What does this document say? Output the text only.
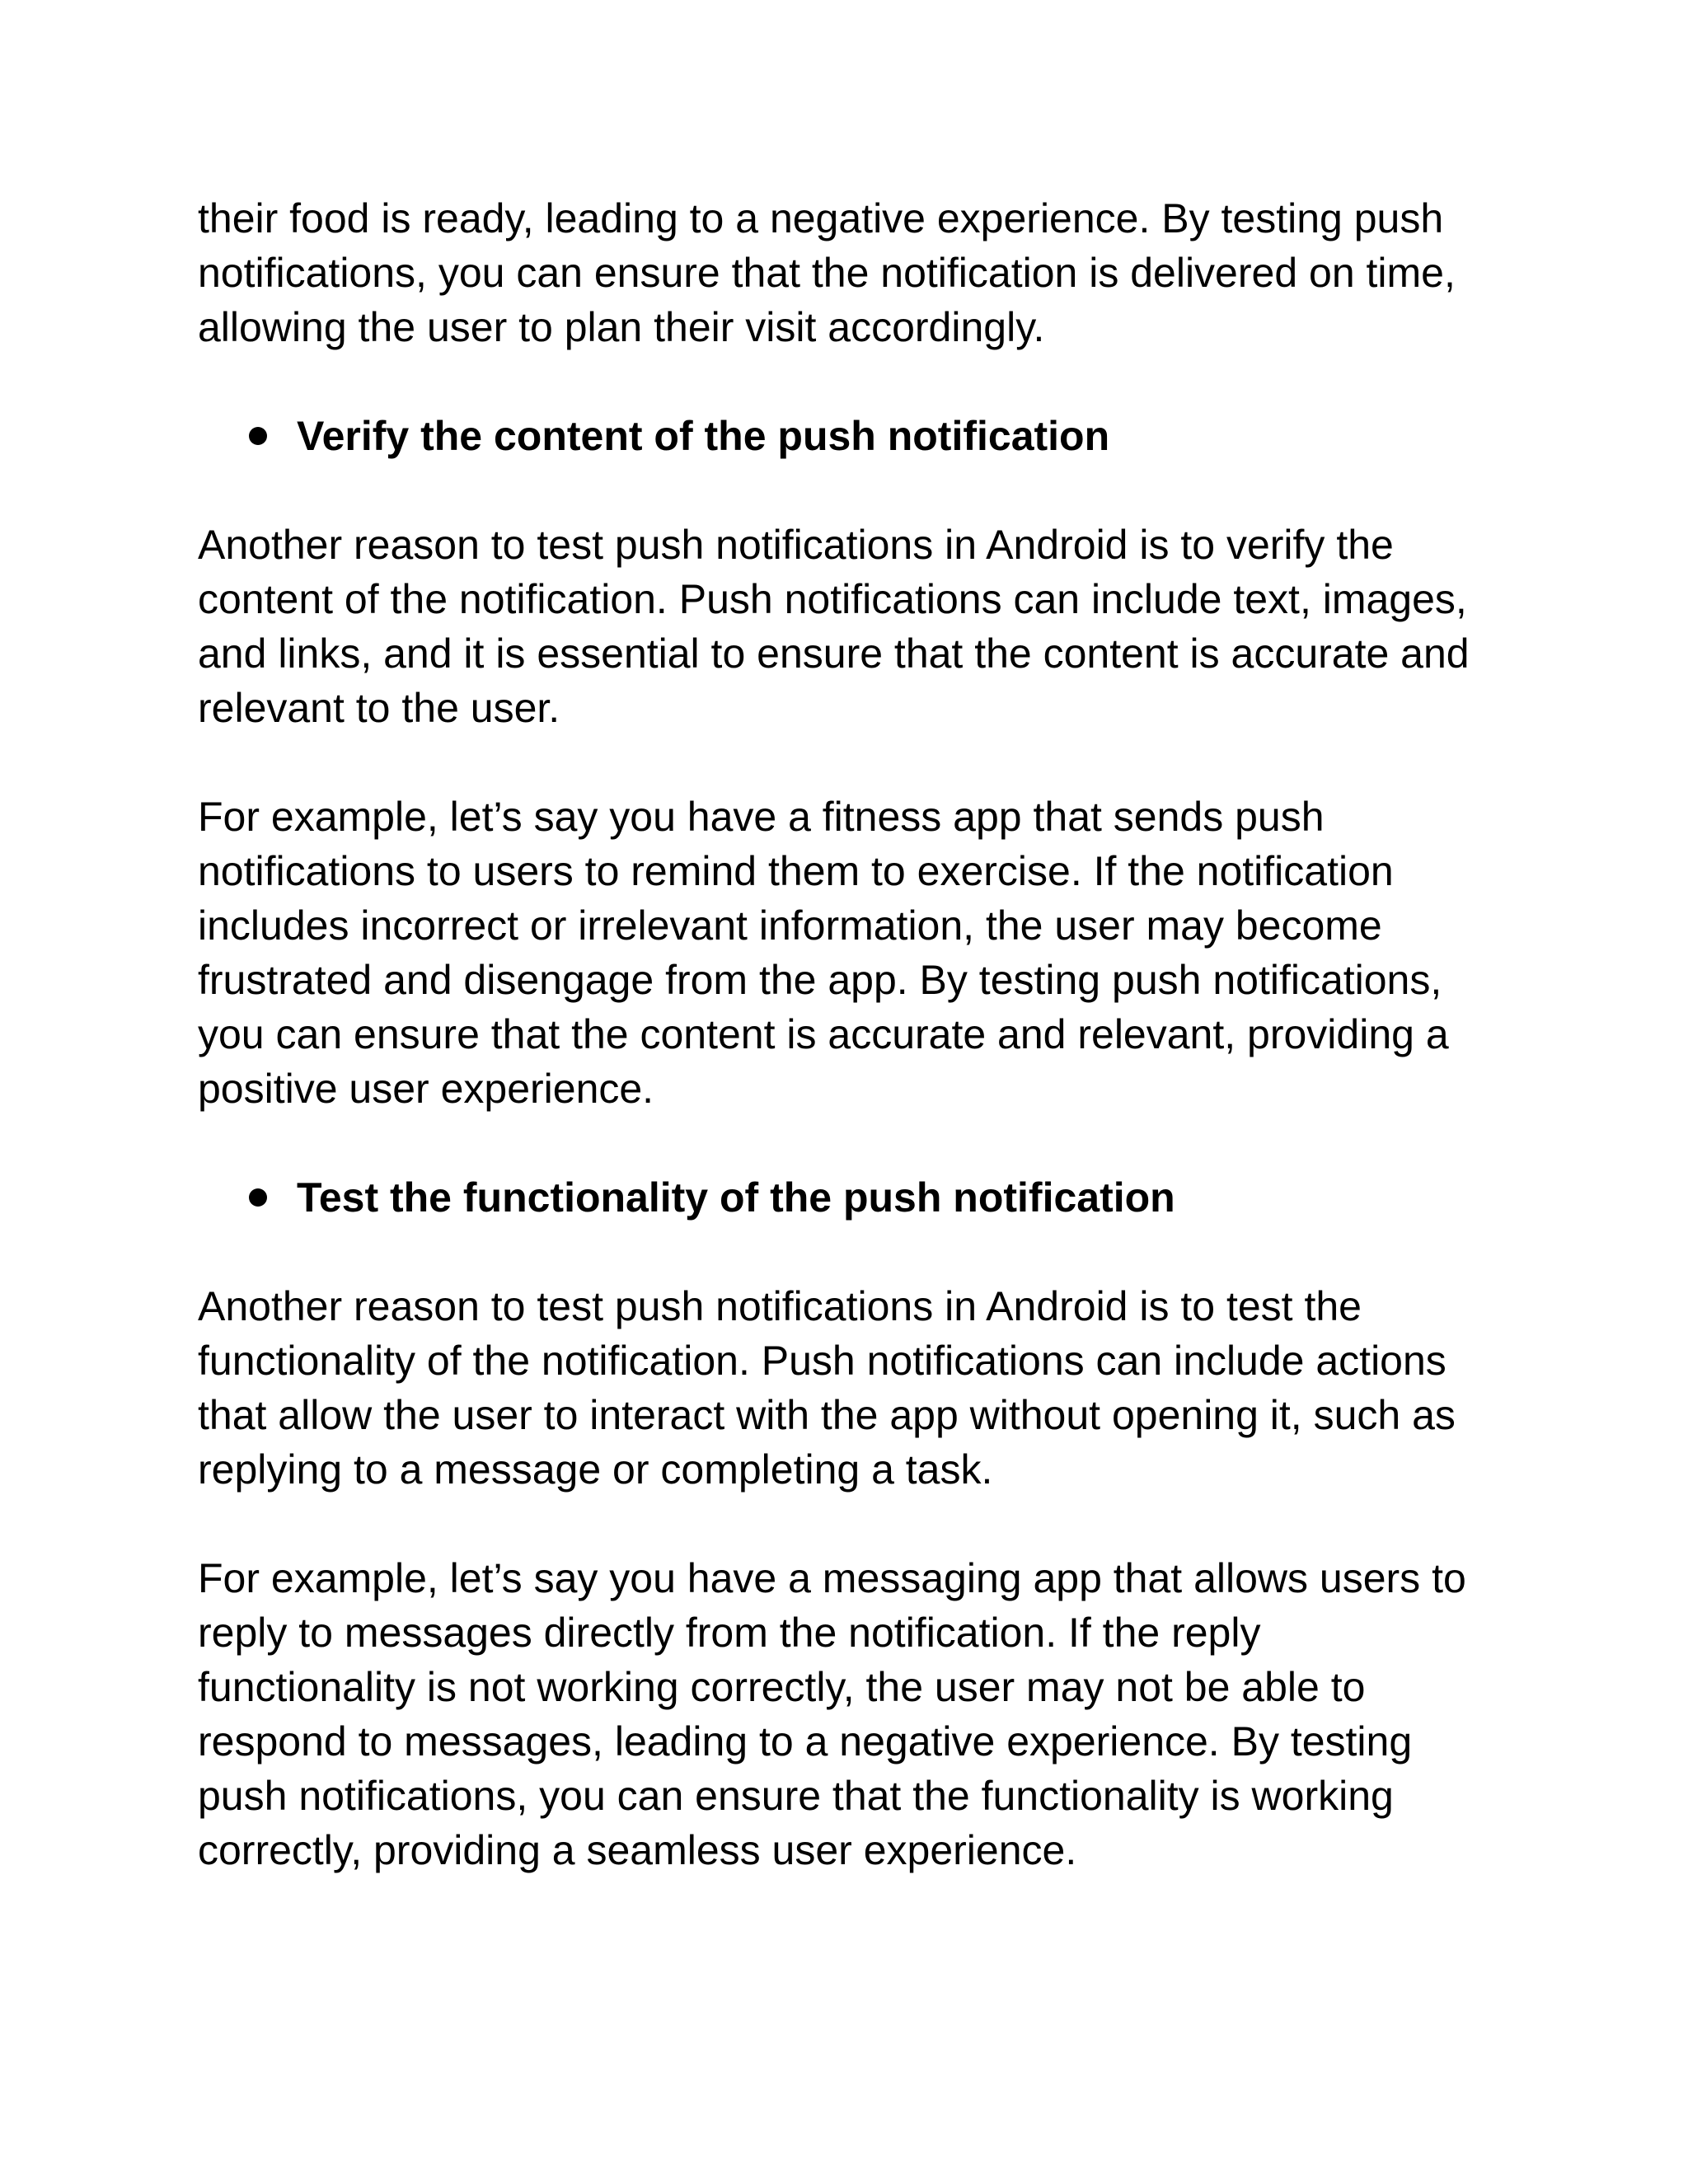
their food is ready, leading to a negative experience. By testing push
notifications, you can ensure that the notification is delivered on time,
allowing the user to plan their visit accordingly.

Verify the content of the push notification

Another reason to test push notifications in Android is to verify the
content of the notification. Push notifications can include text, images,
and links, and it is essential to ensure that the content is accurate and
relevant to the user.

For example, let’s say you have a fitness app that sends push
notifications to users to remind them to exercise. If the notification
includes incorrect or irrelevant information, the user may become
frustrated and disengage from the app. By testing push notifications,
you can ensure that the content is accurate and relevant, providing a
positive user experience.

Test the functionality of the push notification

Another reason to test push notifications in Android is to test the
functionality of the notification. Push notifications can include actions
that allow the user to interact with the app without opening it, such as
replying to a message or completing a task.

For example, let’s say you have a messaging app that allows users to
reply to messages directly from the notification. If the reply
functionality is not working correctly, the user may not be able to
respond to messages, leading to a negative experience. By testing
push notifications, you can ensure that the functionality is working
correctly, providing a seamless user experience.
